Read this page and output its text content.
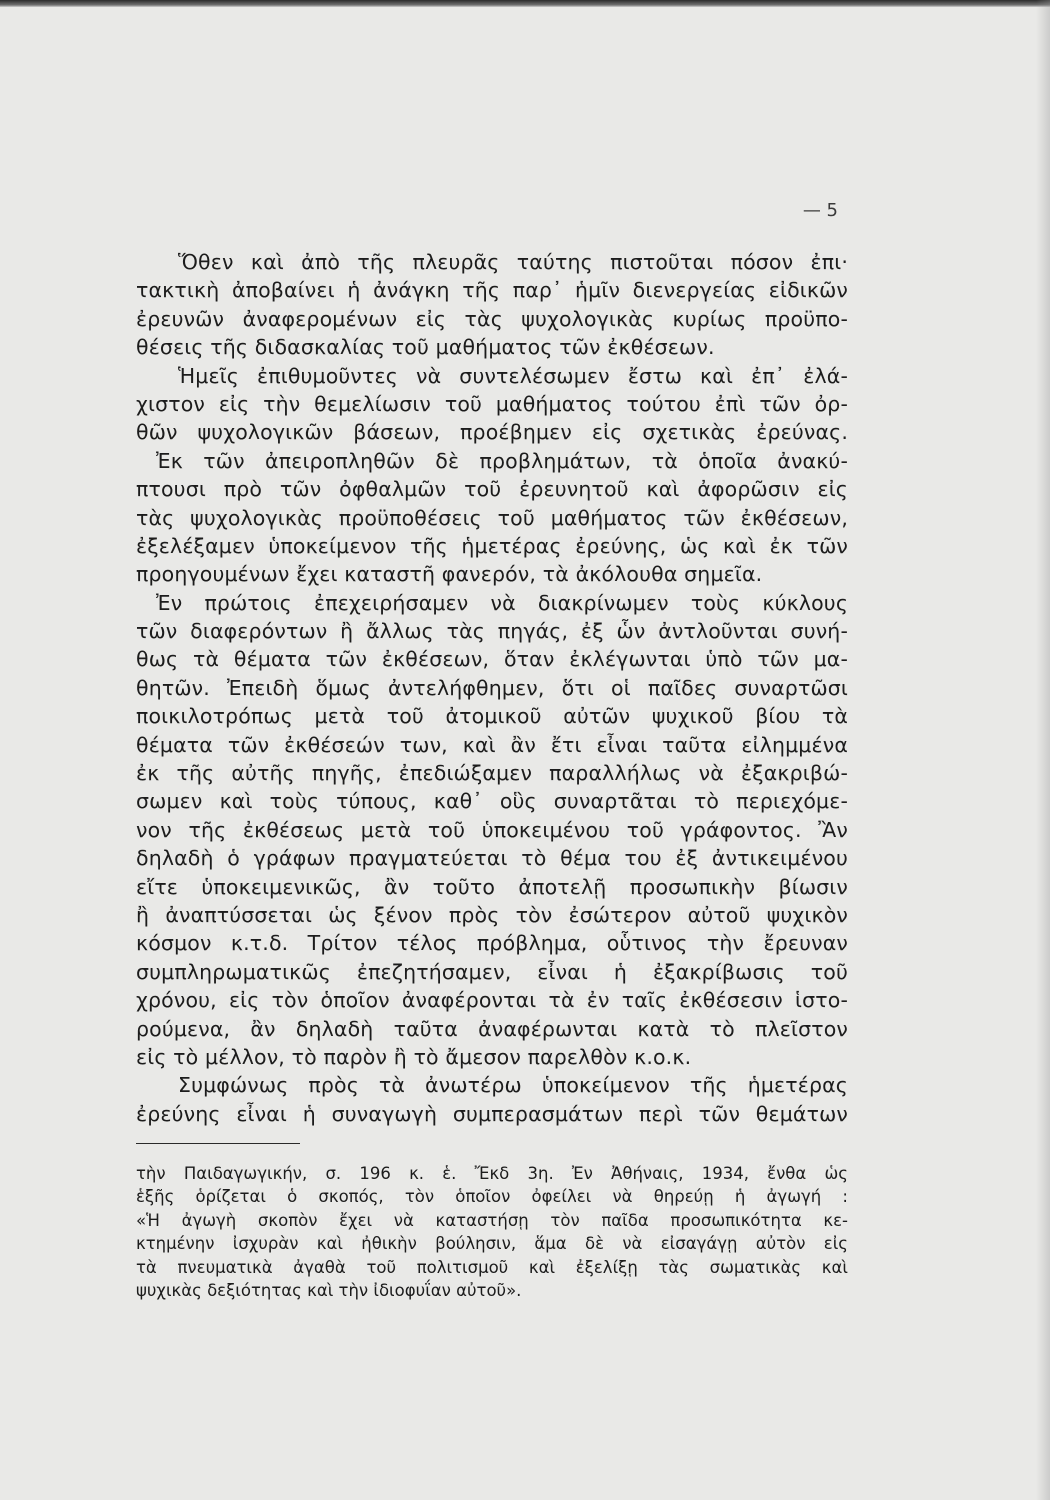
— 5
Ὅθεν καὶ ἀπὸ τῆς πλευρᾶς ταύτης πιστοῦται πόσον ἐπι·
τακτικὴ ἀποβαίνει ἡ ἀνάγκη τῆς παρ᾿ ἡμῖν διενεργείας εἰδικῶν
ἐρευνῶν ἀναφερομένων εἰς τὰς ψυχολογικὰς κυρίως προϋπο-
θέσεις τῆς διδασκαλίας τοῦ μαθήματος τῶν ἐκθέσεων.
Ἡμεῖς ἐπιθυμοῦντες νὰ συντελέσωμεν ἔστω καὶ ἐπ᾿ ἐλά-
χιστον εἰς τὴν θεμελίωσιν τοῦ μαθήματος τούτου ἐπὶ τῶν ὀρ-
θῶν ψυχολογικῶν βάσεων, προέβημεν εἰς σχετικὰς ἐρεύνας.
Ἐκ τῶν ἀπειροπληθῶν δὲ προβλημάτων, τὰ ὁποῖα ἀνακύ-
πτουσι πρὸ τῶν ὀφθαλμῶν τοῦ ἐρευνητοῦ καὶ ἀφορῶσιν εἰς
τὰς ψυχολογικὰς προϋποθέσεις τοῦ μαθήματος τῶν ἐκθέσεων,
ἐξελέξαμεν ὑποκείμενον τῆς ἡμετέρας ἐρεύνης, ὡς καὶ ἐκ τῶν
προηγουμένων ἔχει καταστῆ φανερόν, τὰ ἀκόλουθα σημεῖα.
Ἐν πρώτοις ἐπεχειρήσαμεν νὰ διακρίνωμεν τοὺς κύκλους
τῶν διαφερόντων ἢ ἄλλως τὰς πηγάς, ἐξ ὧν ἀντλοῦνται συνή-
θως τὰ θέματα τῶν ἐκθέσεων, ὅταν ἐκλέγωνται ὑπὸ τῶν μα-
θητῶν. Ἐπειδὴ ὅμως ἀντελήφθημεν, ὅτι οἱ παῖδες συναρτῶσι
ποικιλοτρόπως μετὰ τοῦ ἀτομικοῦ αὐτῶν ψυχικοῦ βίου τὰ
θέματα τῶν ἐκθέσεών των, καὶ ἂν ἔτι εἶναι ταῦτα εἰλημμένα
ἐκ τῆς αὐτῆς πηγῆς, ἐπεδιώξαμεν παραλλήλως νὰ ἐξακριβώ-
σωμεν καὶ τοὺς τύπους, καθ᾿ οὓς συναρτᾶται τὸ περιεχόμε-
νον τῆς ἐκθέσεως μετὰ τοῦ ὑποκειμένου τοῦ γράφοντος. Ἂν
δηλαδὴ ὁ γράφων πραγματεύεται τὸ θέμα του ἐξ ἀντικειμένου
εἴτε ὑποκειμενικῶς, ἂν τοῦτο ἀποτελῇ προσωπικὴν βίωσιν
ἢ ἀναπτύσσεται ὡς ξένον πρὸς τὸν ἐσώτερον αὐτοῦ ψυχικὸν
κόσμον κ.τ.δ. Τρίτον τέλος πρόβλημα, οὗτινος τὴν ἔρευναν
συμπληρωματικῶς ἐπεζητήσαμεν, εἶναι ἡ ἐξακρίβωσις τοῦ
χρόνου, εἰς τὸν ὁποῖον ἀναφέρονται τὰ ἐν ταῖς ἐκθέσεσιν ἱστο-
ρούμενα, ἂν δηλαδὴ ταῦτα ἀναφέρωνται κατὰ τὸ πλεῖστον
εἰς τὸ μέλλον, τὸ παρὸν ἢ τὸ ἄμεσον παρελθὸν κ.ο.κ.
Συμφώνως πρὸς τὰ ἀνωτέρω ὑποκείμενον τῆς ἡμετέρας
ἐρεύνης εἶναι ἡ συναγωγὴ συμπερασμάτων περὶ τῶν θεμάτων
τὴν Παιδαγωγικήν, σ. 196 κ. ἑ. Ἔκδ 3η. Ἐν Ἀθήναις, 1934, ἔνθα ὡς
ἑξῆς ὁρίζεται ὁ σκοπός, τὸν ὁποῖον ὀφείλει νὰ θηρεύῃ ἡ ἀγωγή :
«Ἡ ἀγωγὴ σκοπὸν ἔχει νὰ καταστήσῃ τὸν παῖδα προσωπικότητα κε-
κτημένην ἰσχυρὰν καὶ ἠθικὴν βούλησιν, ἅμα δὲ νὰ εἰσαγάγῃ αὐτὸν εἰς
τὰ πνευματικὰ ἀγαθὰ τοῦ πολιτισμοῦ καὶ ἐξελίξῃ τὰς σωματικὰς καὶ
ψυχικὰς δεξιότητας καὶ τὴν ἰδιοφυΐαν αὐτοῦ».
